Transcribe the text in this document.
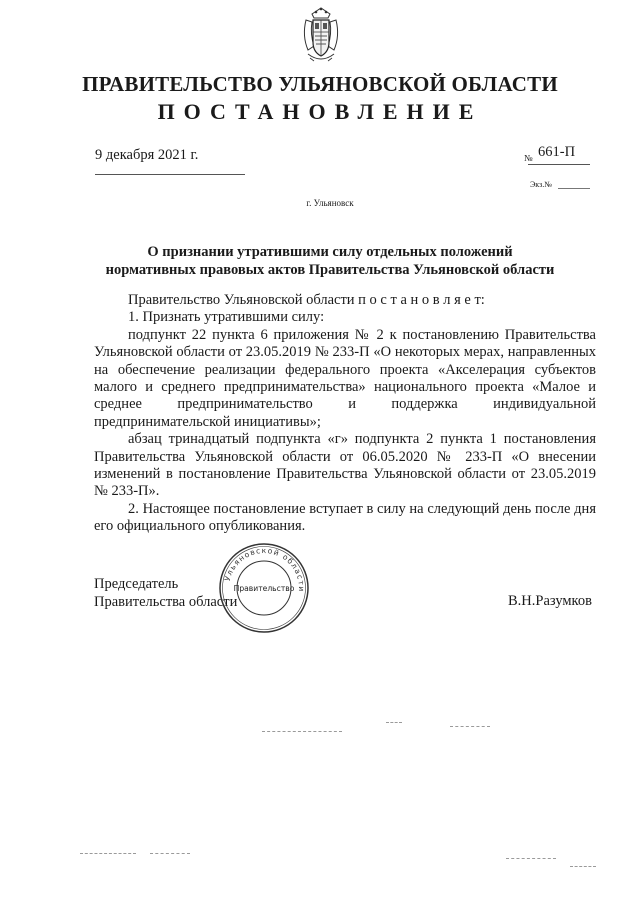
ПРАВИТЕЛЬСТВО УЛЬЯНОВСКОЙ ОБЛАСТИ
ПОСТАНОВЛЕНИЕ
9 декабря 2021 г.	№ 661-П
Экз.№
г. Ульяновск
О признании утратившими силу отдельных положений
нормативных правовых актов Правительства Ульяновской области

Правительство Ульяновской области п о с т а н о в л я е т:

1. Признать утратившими силу:

подпункт 22 пункта 6 приложения № 2 к постановлению Правительства Ульяновской области от 23.05.2019 № 233-П «О некоторых мерах, направленных на обеспечение реализации федерального проекта «Акселерация субъектов малого и среднего предпринимательства» национального проекта «Малое и среднее предпринимательство и поддержка индивидуальной предпринимательской инициативы»;

абзац тринадцатый подпункта «г» подпункта 2 пункта 1 постановления Правительства Ульяновской области от 06.05.2020 № 233-П «О внесении изменений в постановление Правительства Ульяновской области от 23.05.2019 № 233-П».

2. Настоящее постановление вступает в силу на следующий день после дня его официального опубликования.

Председатель
Правительства области	В.Н.Разумков
Ульяновской области
Правительство
